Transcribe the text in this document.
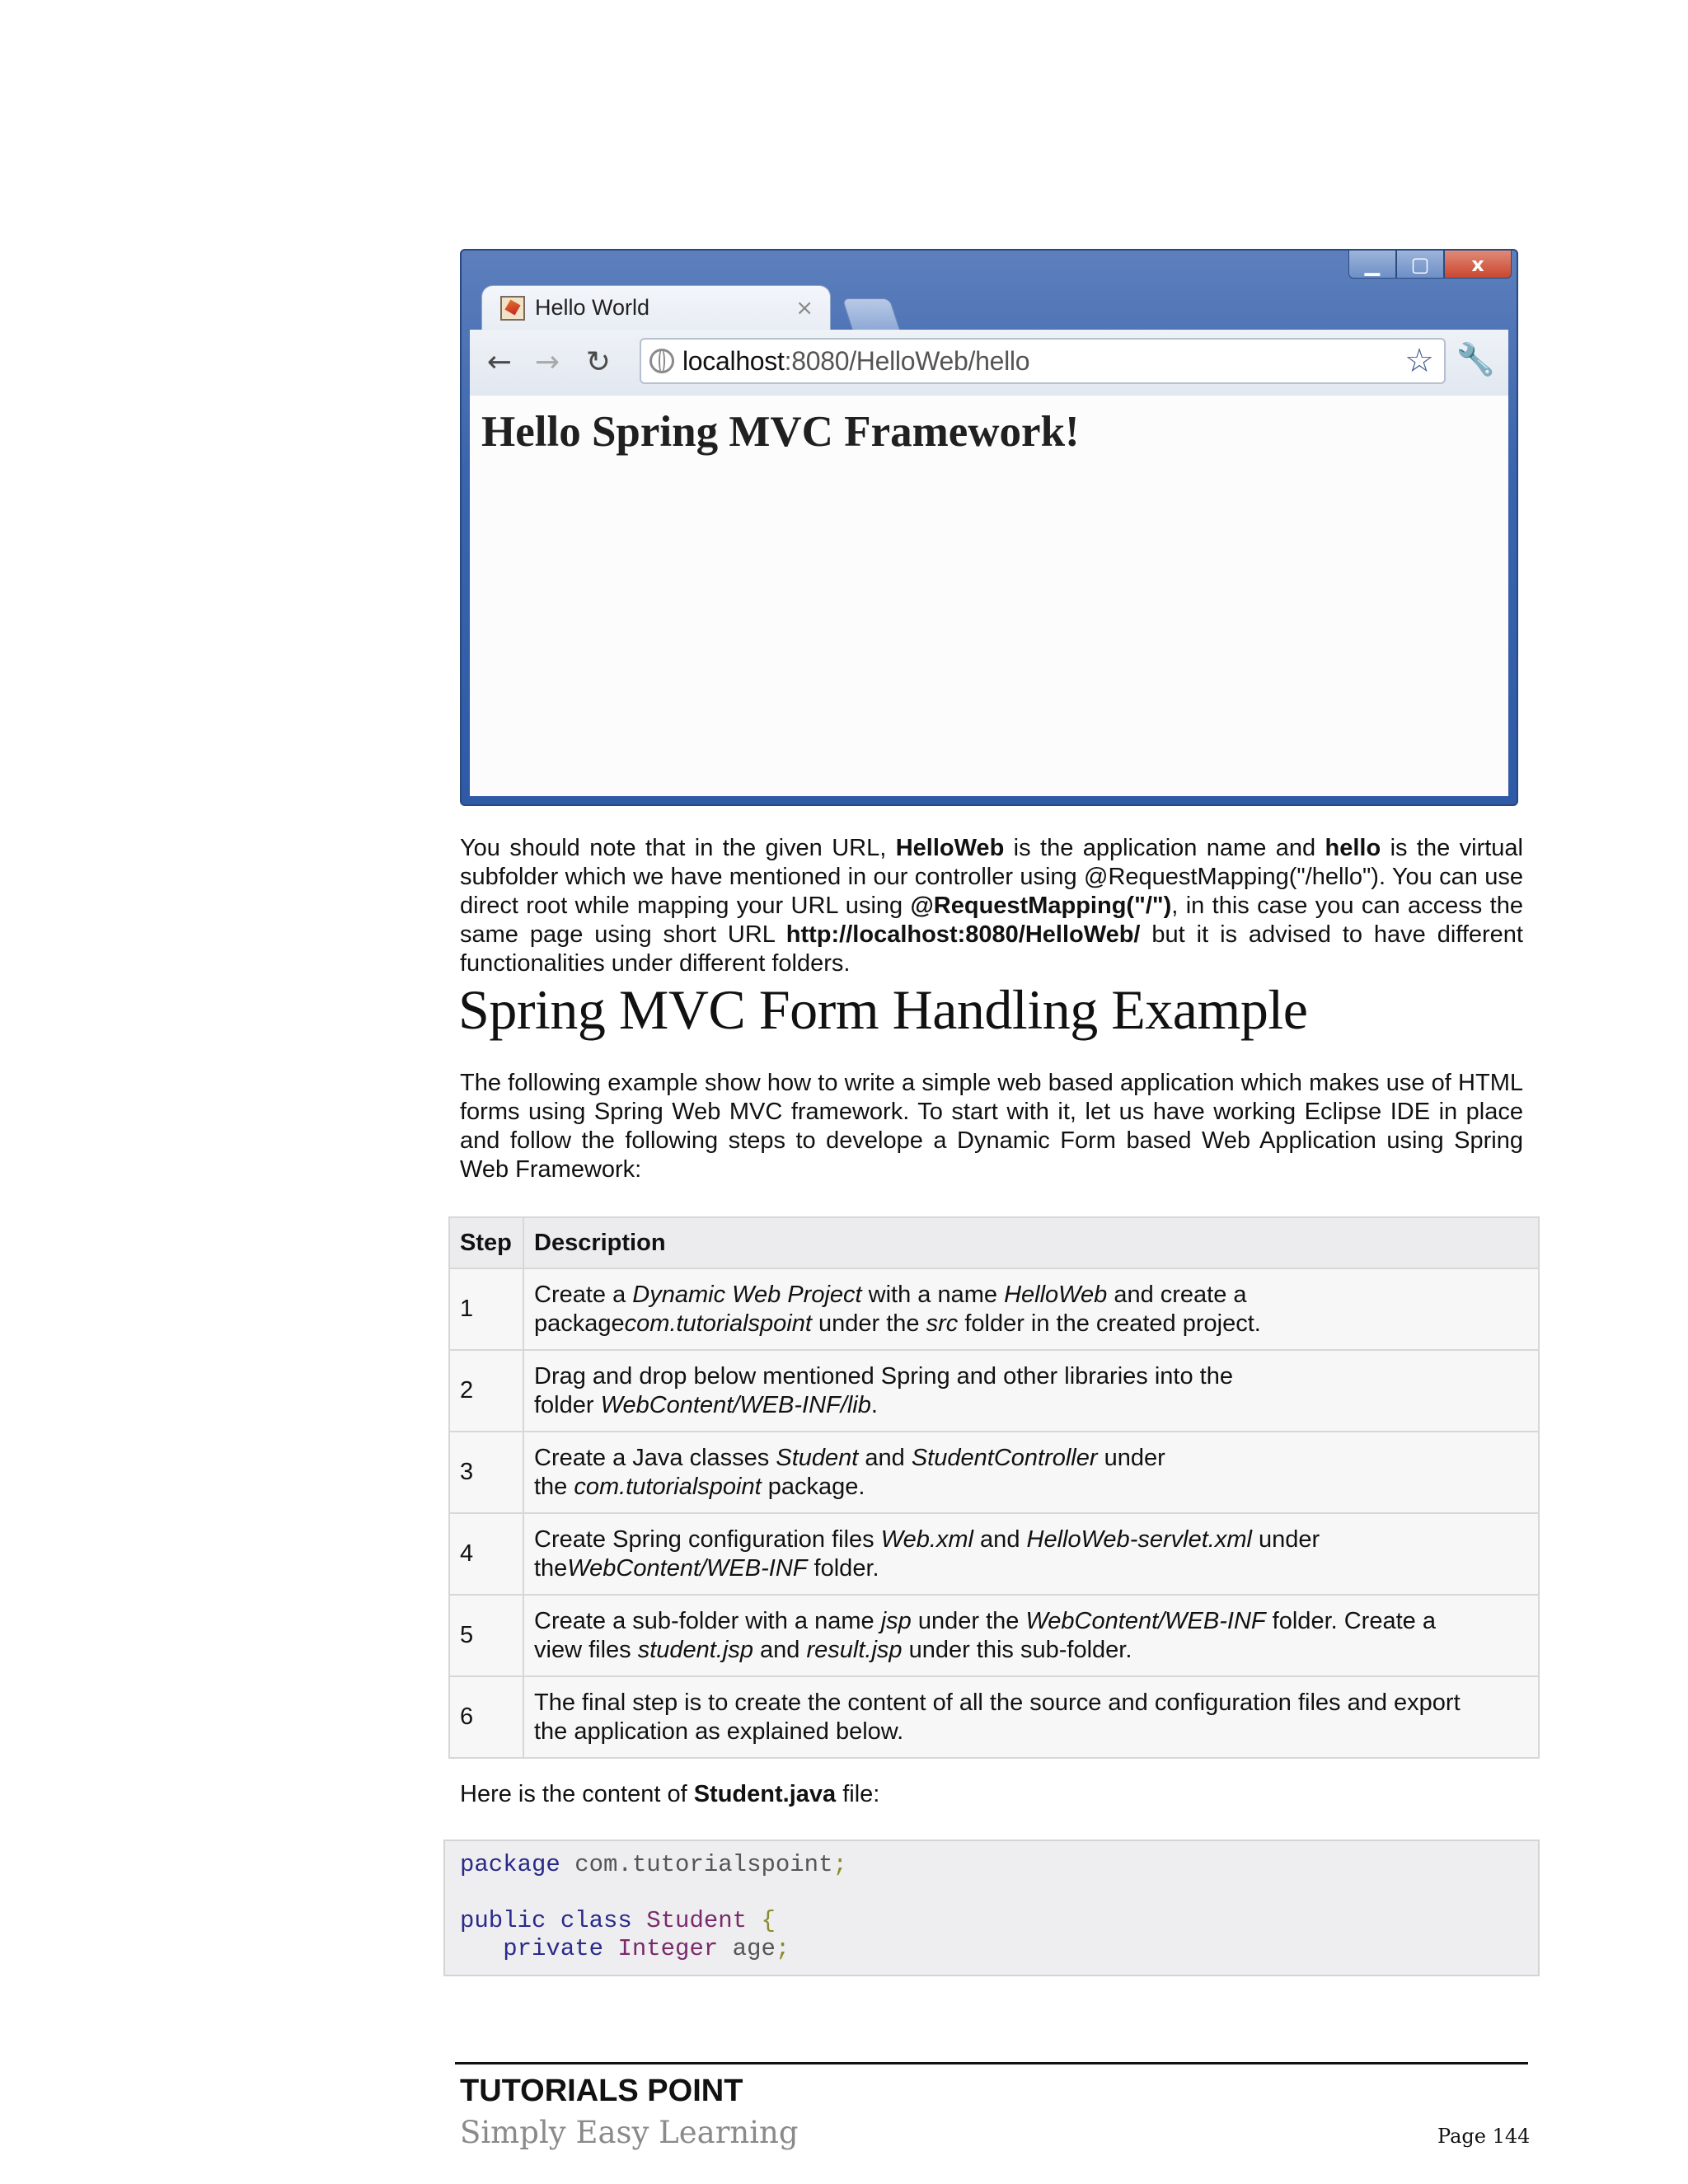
▁	▢	x
Hello World	×
← → ↻	localhost:8080/HelloWeb/hello	☆ 🔧
Hello Spring MVC Framework!
You should note that in the given URL, HelloWeb is the application name and hello is the virtual subfolder which we have mentioned in our controller using @RequestMapping("/hello"). You can use direct root while mapping your URL using @RequestMapping("/"), in this case you can access the same page using short URL http://localhost:8080/HelloWeb/ but it is advised to have different functionalities under different folders.
Spring MVC Form Handling Example
The following example show how to write a simple web based application which makes use of HTML forms using Spring Web MVC framework. To start with it, let us have working Eclipse IDE in place and follow the following steps to develope a Dynamic Form based Web Application using Spring Web Framework:
Step	Description
1	Create a Dynamic Web Project with a name HelloWeb and create a
packagecom.tutorialspoint under the src folder in the created project.
2	Drag and drop below mentioned Spring and other libraries into the
folder WebContent/WEB-INF/lib.
3	Create a Java classes Student and StudentController under
the com.tutorialspoint package.
4	Create Spring configuration files Web.xml and HelloWeb-servlet.xml under
theWebContent/WEB-INF folder.
5	Create a sub-folder with a name jsp under the WebContent/WEB-INF folder. Create a
view files student.jsp and result.jsp under this sub-folder.
6	The final step is to create the content of all the source and configuration files and export
the application as explained below.
Here is the content of Student.java file:
package com.tutorialspoint;

public class Student {
private Integer age;
TUTORIALS POINT
Simply Easy Learning	Page 144
